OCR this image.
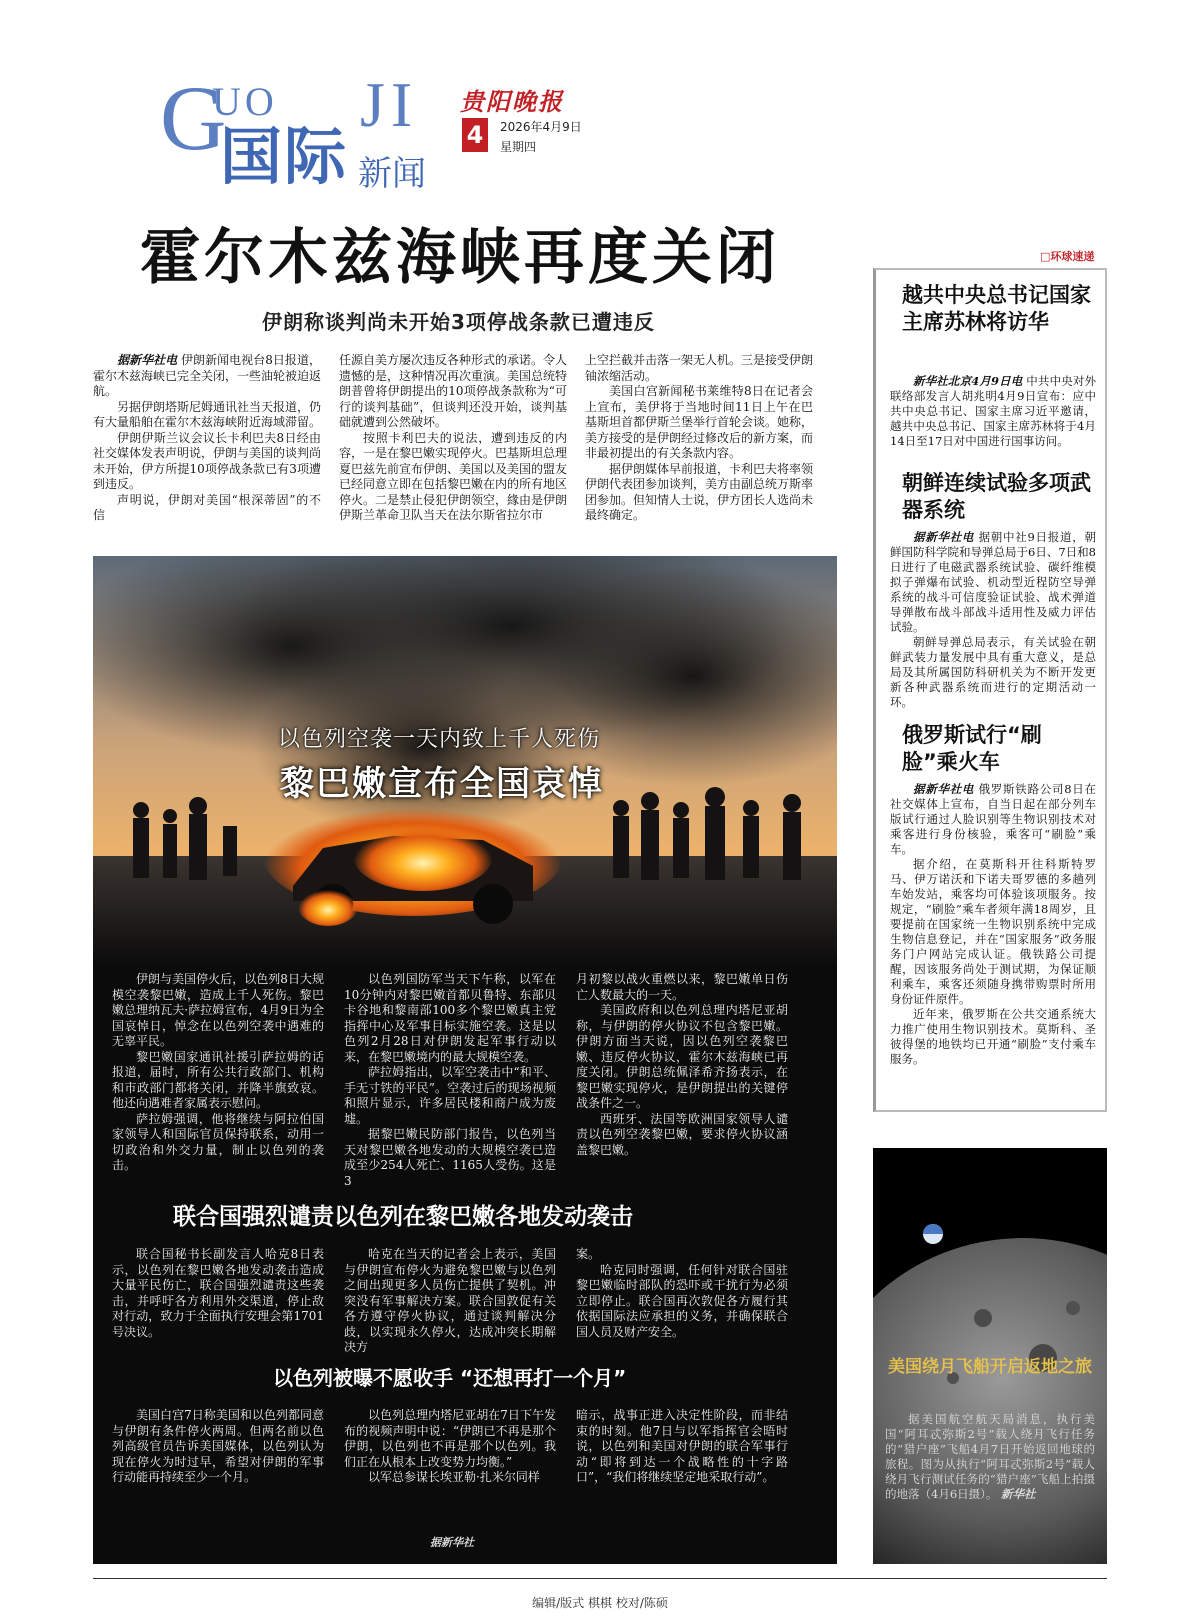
G
UO JI
国际 新闻
贵阳晚报
4	2026年4月9日
星期四
霍尔木兹海峡再度关闭
伊朗称谈判尚未开始3项停战条款已遭违反

据新华社电 伊朗新闻电视台8日报道，霍尔木兹海峡已完全关闭，一些油轮被迫返航。

另据伊朗塔斯尼姆通讯社当天报道，仍有大量船舶在霍尔木兹海峡附近海域滞留。

伊朗伊斯兰议会议长卡利巴夫8日经由社交媒体发表声明说，伊朗与美国的谈判尚未开始，伊方所提10项停战条款已有3项遭到违反。

声明说，伊朗对美国“根深蒂固”的不信

任源自美方屡次违反各种形式的承诺。令人遗憾的是，这种情况再次重演。美国总统特朗普曾将伊朗提出的10项停战条款称为“可行的谈判基础”，但谈判还没开始，谈判基础就遭到公然破坏。

按照卡利巴夫的说法，遭到违反的内容，一是在黎巴嫩实现停火。巴基斯坦总理夏巴兹先前宣布伊朗、美国以及美国的盟友已经同意立即在包括黎巴嫩在内的所有地区停火。二是禁止侵犯伊朗领空，緣由是伊朗伊斯兰革命卫队当天在法尔斯省拉尔市

上空拦截并击落一架无人机。三是接受伊朗铀浓缩活动。

美国白宫新闻秘书莱维特8日在记者会上宣布，美伊将于当地时间11日上午在巴基斯坦首都伊斯兰堡举行首轮会谈。她称，美方接受的是伊朗经过修改后的新方案，而非最初提出的有关条款内容。

据伊朗媒体早前报道，卡利巴夫将率领伊朗代表团参加谈判，美方由副总统万斯率团参加。但知情人士说，伊方团长人选尚未最终确定。

以色列空袭一天内致上千人死伤
黎巴嫩宣布全国哀悼

伊朗与美国停火后，以色列8日大规模空袭黎巴嫩，造成上千人死伤。黎巴嫩总理纳瓦夫·萨拉姆宣布，4月9日为全国哀悼日，悼念在以色列空袭中遇难的无辜平民。

黎巴嫩国家通讯社援引萨拉姆的话报道，届时，所有公共行政部门、机构和市政部门都将关闭，并降半旗致哀。他还向遇难者家属表示慰问。

萨拉姆强调，他将继续与阿拉伯国家领导人和国际官员保持联系，动用一切政治和外交力量，制止以色列的袭击。

以色列国防军当天下午称，以军在10分钟内对黎巴嫩首都贝鲁特、东部贝卡谷地和黎南部100多个黎巴嫩真主党指挥中心及军事目标实施空袭。这是以色列2月28日对伊朗发起军事行动以来，在黎巴嫩境内的最大规模空袭。

萨拉姆指出，以军空袭击中“和平、手无寸铁的平民”。空袭过后的现场视频和照片显示，许多居民楼和商户成为废墟。

据黎巴嫩民防部门报告，以色列当天对黎巴嫩各地发动的大规模空袭已造成至少254人死亡、1165人受伤。这是3

月初黎以战火重燃以来，黎巴嫩单日伤亡人数最大的一天。

美国政府和以色列总理内塔尼亚胡称，与伊朗的停火协议不包含黎巴嫩。伊朗方面当天说，因以色列空袭黎巴嫩、违反停火协议，霍尔木兹海峡已再度关闭。伊朗总统佩泽希齐扬表示，在黎巴嫩实现停火，是伊朗提出的关键停战条件之一。

西班牙、法国等欧洲国家领导人谴责以色列空袭黎巴嫩，要求停火协议涵盖黎巴嫩。

联合国强烈谴责以色列在黎巴嫩各地发动袭击

联合国秘书长副发言人哈克8日表示，以色列在黎巴嫩各地发动袭击造成大量平民伤亡，联合国强烈谴责这些袭击，并呼吁各方利用外交渠道，停止敌对行动，致力于全面执行安理会第1701号决议。

哈克在当天的记者会上表示，美国与伊朗宣布停火为避免黎巴嫩与以色列之间出现更多人员伤亡提供了契机。冲突没有军事解决方案。联合国敦促有关各方遵守停火协议，通过谈判解决分歧，以实现永久停火，达成冲突长期解决方

案。

哈克同时强调，任何针对联合国驻黎巴嫩临时部队的恐吓或干扰行为必须立即停止。联合国再次敦促各方履行其依据国际法应承担的义务，并确保联合国人员及财产安全。

以色列被曝不愿收手 “还想再打一个月”

美国白宫7日称美国和以色列都同意与伊朗有条件停火两周。但两名前以色列高级官员告诉美国媒体，以色列认为现在停火为时过早，希望对伊朗的军事行动能再持续至少一个月。

以色列总理内塔尼亚胡在7日下午发布的视频声明中说：“伊朗已不再是那个伊朗，以色列也不再是那个以色列。我们正在从根本上改变势力均衡。”

以军总参谋长埃亚勒·扎米尔同样

暗示，战事正进入决定性阶段，而非结束的时刻。他7日与以军指挥官会晤时说，以色列和美国对伊朗的联合军事行动“即将到达一个战略性的十字路口”，“我们将继续坚定地采取行动”。

据新华社
□环球速递
越共中央总书记国家主席苏林将访华

新华社北京4月9日电 中共中央对外联络部发言人胡兆明4月9日宣布：应中共中央总书记、国家主席习近平邀请，越共中央总书记、国家主席苏林将于4月14日至17日对中国进行国事访问。

朝鲜连续试验多项武器系统

据新华社电 据朝中社9日报道，朝鲜国防科学院和导弹总局于6日、7日和8日进行了电磁武器系统试验、碳纤维模拟子弹爆布试验、机动型近程防空导弹系统的战斗可信度验证试验、战术弹道导弹散布战斗部战斗适用性及威力评估试验。

朝鲜导弹总局表示，有关试验在朝鲜武装力量发展中具有重大意义，是总局及其所属国防科研机关为不断开发更新各种武器系统而进行的定期活动一环。

俄罗斯试行“刷脸”乘火车

据新华社电 俄罗斯铁路公司8日在社交媒体上宣布，自当日起在部分列车版试行通过人脸识别等生物识别技术对乘客进行身份核验，乘客可“刷脸”乘车。

据介绍，在莫斯科开往科斯特罗马、伊万诺沃和下诺夫哥罗德的多趟列车始发站，乘客均可体验该项服务。按规定，“刷脸”乘车者须年满18周岁，且要提前在国家统一生物识别系统中完成生物信息登记，并在“国家服务”政务服务门户网站完成认证。俄铁路公司提醒，因该服务尚处于测试期，为保证顺利乘车，乘客还须随身携带购票时所用身份证件原件。

近年来，俄罗斯在公共交通系统大力推广使用生物识别技术。莫斯科、圣彼得堡的地铁均已开通“刷脸”支付乘车服务。

美国绕月飞船开启返地之旅

据美国航空航天局消息，执行美国“阿耳忒弥斯2号”载人绕月飞行任务的“猎户座”飞船4月7日开始返回地球的旅程。图为从执行“阿耳忒弥斯2号”载人绕月飞行测试任务的“猎户座”飞船上拍摄的地落（4月6日摄）。 新华社

编辑/版式 棋棋 校对/陈硕
